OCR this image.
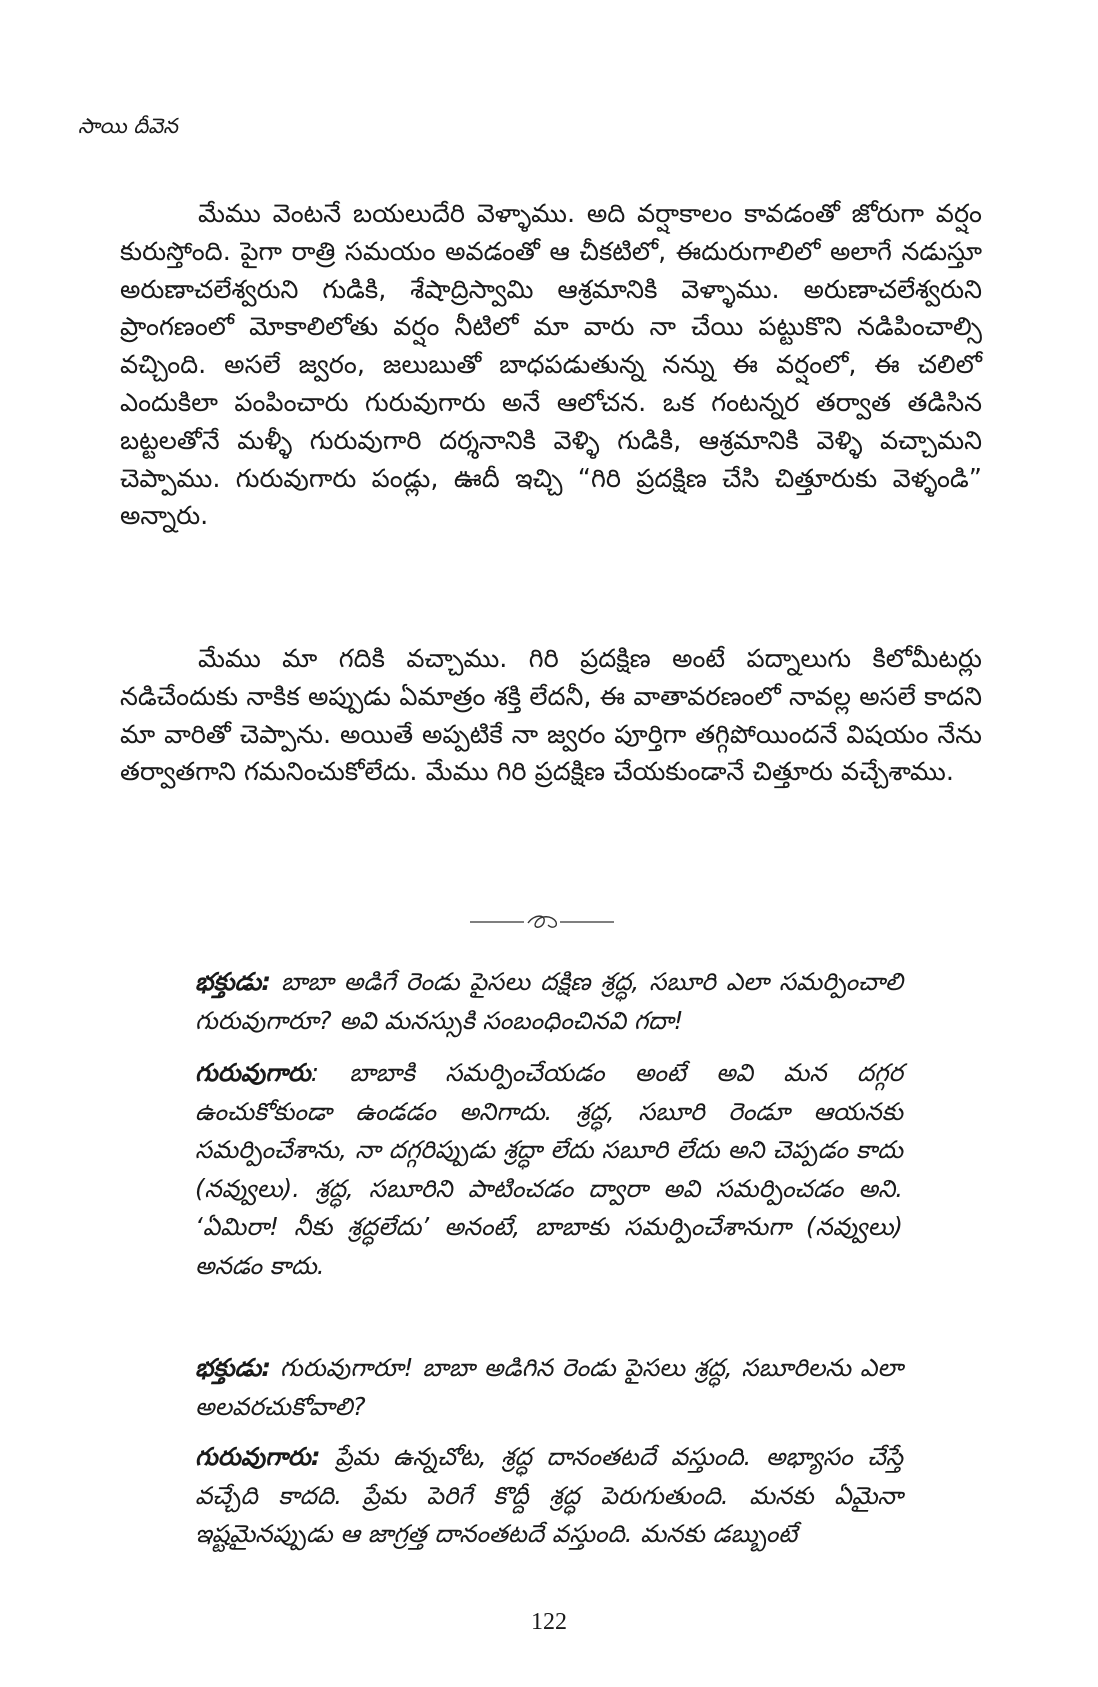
సాయి దీవెన

మేము వెంటనే బయలుదేరి వెళ్ళాము. అది వర్షాకాలం కావడంతో జోరుగా వర్షం కురుస్తోంది. పైగా రాత్రి సమయం అవడంతో ఆ చీకటిలో, ఈదురుగాలిలో అలాగే నడుస్తూ అరుణాచలేశ్వరుని గుడికి, శేషాద్రిస్వామి ఆశ్రమానికి వెళ్ళాము. అరుణాచలేశ్వరుని ప్రాంగణంలో మోకాలిలోతు వర్షం నీటిలో మా వారు నా చేయి పట్టుకొని నడిపించాల్సి వచ్చింది. అసలే జ్వరం, జలుబుతో బాధపడుతున్న నన్ను ఈ వర్షంలో, ఈ చలిలో ఎందుకిలా పంపించారు గురువుగారు అనే ఆలోచన. ఒక గంటన్నర తర్వాత తడిసిన బట్టలతోనే మళ్ళీ గురువుగారి దర్శనానికి వెళ్ళి గుడికి, ఆశ్రమానికి వెళ్ళి వచ్చామని చెప్పాము. గురువుగారు పండ్లు, ఊదీ ఇచ్చి “గిరి ప్రదక్షిణ చేసి చిత్తూరుకు వెళ్ళండి” అన్నారు.

మేము మా గదికి వచ్చాము. గిరి ప్రదక్షిణ అంటే పద్నాలుగు కిలోమీటర్లు నడిచేందుకు నాకిక అప్పుడు ఏమాత్రం శక్తి లేదనీ, ఈ వాతావరణంలో నావల్ల అసలే కాదని మా వారితో చెప్పాను. అయితే అప్పటికే నా జ్వరం పూర్తిగా తగ్గిపోయిందనే విషయం నేను తర్వాతగాని గమనించుకోలేదు. మేము గిరి ప్రదక్షిణ చేయకుండానే చిత్తూరు వచ్చేశాము.

భక్తుడు: బాబా అడిగే రెండు పైసలు దక్షిణ శ్రద్ధ, సబూరి ఎలా సమర్పించాలి గురువుగారూ? అవి మనస్సుకి సంబంధించినవి గదా!

గురువుగారు: బాబాకి సమర్పించేయడం అంటే అవి మన దగ్గర ఉంచుకోకుండా ఉండడం అనిగాదు. శ్రద్ధ, సబూరి రెండూ ఆయనకు సమర్పించేశాను, నా దగ్గరిప్పుడు శ్రద్ధా లేదు సబూరి లేదు అని చెప్పడం కాదు (నవ్వులు). శ్రద్ధ, సబూరిని పాటించడం ద్వారా అవి సమర్పించడం అని. ‘ఏమిరా! నీకు శ్రద్ధలేదు’ అనంటే, బాబాకు సమర్పించేశానుగా (నవ్వులు) అనడం కాదు.

భక్తుడు: గురువుగారూ! బాబా అడిగిన రెండు పైసలు శ్రద్ధ, సబూరిలను ఎలా అలవరచుకోవాలి?

గురువుగారు: ప్రేమ ఉన్నచోట, శ్రద్ధ దానంతటదే వస్తుంది. అభ్యాసం చేస్తే వచ్చేది కాదది. ప్రేమ పెరిగే కొద్దీ శ్రద్ధ పెరుగుతుంది. మనకు ఏమైనా ఇష్టమైనప్పుడు ఆ జాగ్రత్త దానంతటదే వస్తుంది. మనకు డబ్బుంటే

122
